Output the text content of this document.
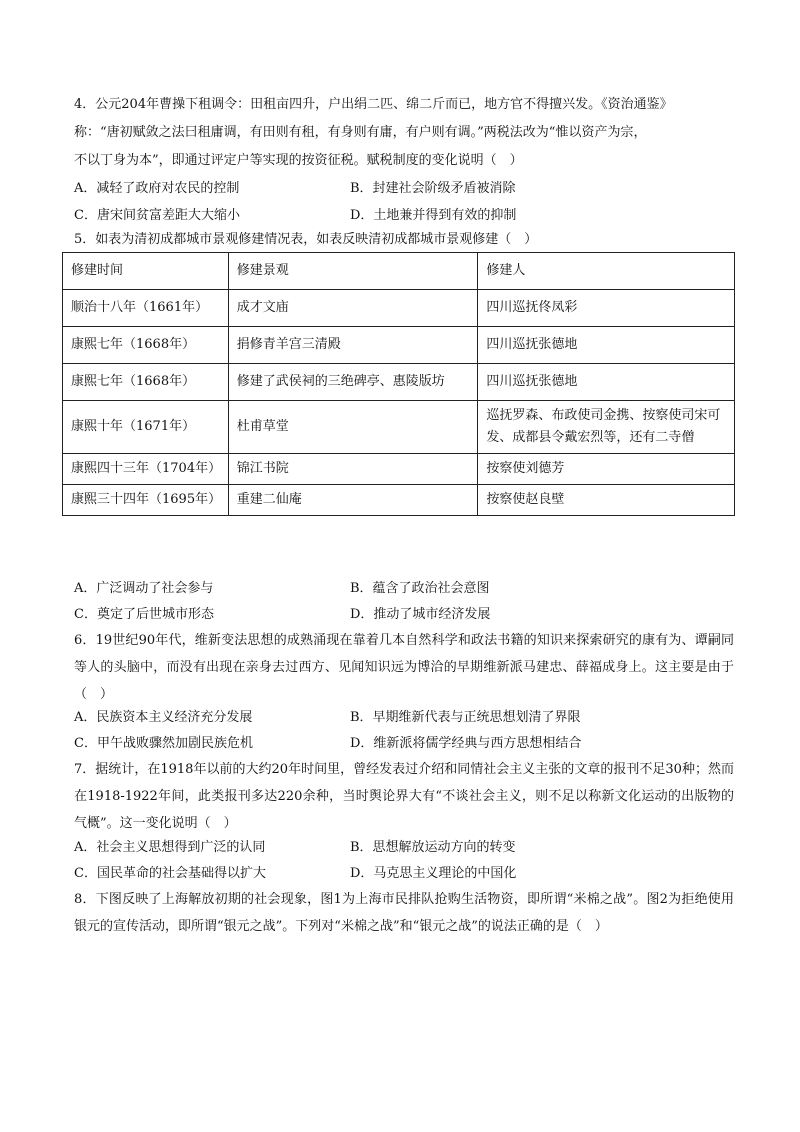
4．公元204年曹操下租调令：田租亩四升，户出绢二匹、绵二斤而已，地方官不得擅兴发。《资治通鉴》
称：“唐初赋敛之法曰租庸调，有田则有租，有身则有庸，有户则有调。”两税法改为“惟以资产为宗，
不以丁身为本”，即通过评定户等实现的按资征税。赋税制度的变化说明（　）
A．减轻了政府对农民的控制	B．封建社会阶级矛盾被消除
C．唐宋间贫富差距大大缩小	D．土地兼并得到有效的抑制
5．如表为清初成都城市景观修建情况表，如表反映清初成都城市景观修建（　）
修建时间	修建景观	修建人
顺治十八年（1661年）	成才文庙	四川巡抚佟凤彩
康熙七年（1668年）	捐修青羊宫三清殿	四川巡抚张德地
康熙七年（1668年）	修建了武侯祠的三绝碑亭、惠陵版坊	四川巡抚张德地
康熙十年（1671年）	杜甫草堂	巡抚罗森、布政使司金携、按察使司宋可发、成都县令戴宏烈等，还有二寺僧
康熙四十三年（1704年）	锦江书院	按察使刘德芳
康熙三十四年（1695年）	重建二仙庵	按察使赵良壁
A．广泛调动了社会参与	B．蕴含了政治社会意图
C．奠定了后世城市形态	D．推动了城市经济发展

6．19世纪90年代，维新变法思想的成熟涌现在靠着几本自然科学和政法书籍的知识来探索研究的康有为、谭嗣同等人的头脑中，而没有出现在亲身去过西方、见闻知识远为博洽的早期维新派马建忠、薛福成身上。这主要是由于（　）

A．民族资本主义经济充分发展	B．早期维新代表与正统思想划清了界限
C．甲午战败骤然加剧民族危机	D．维新派将儒学经典与西方思想相结合

7．据统计，在1918年以前的大约20年时间里，曾经发表过介绍和同情社会主义主张的文章的报刊不足30种；然而在1918-1922年间，此类报刊多达220余种，当时舆论界大有“不谈社会主义，则不足以称新文化运动的出版物的气概”。这一变化说明（　）

A．社会主义思想得到广泛的认同	B．思想解放运动方向的转变
C．国民革命的社会基础得以扩大	D．马克思主义理论的中国化

8．下图反映了上海解放初期的社会现象，图1为上海市民排队抢购生活物资，即所谓“米棉之战”。图2为拒绝使用银元的宣传活动，即所谓“银元之战”。下列对“米棉之战”和“银元之战”的说法正确的是（　）
